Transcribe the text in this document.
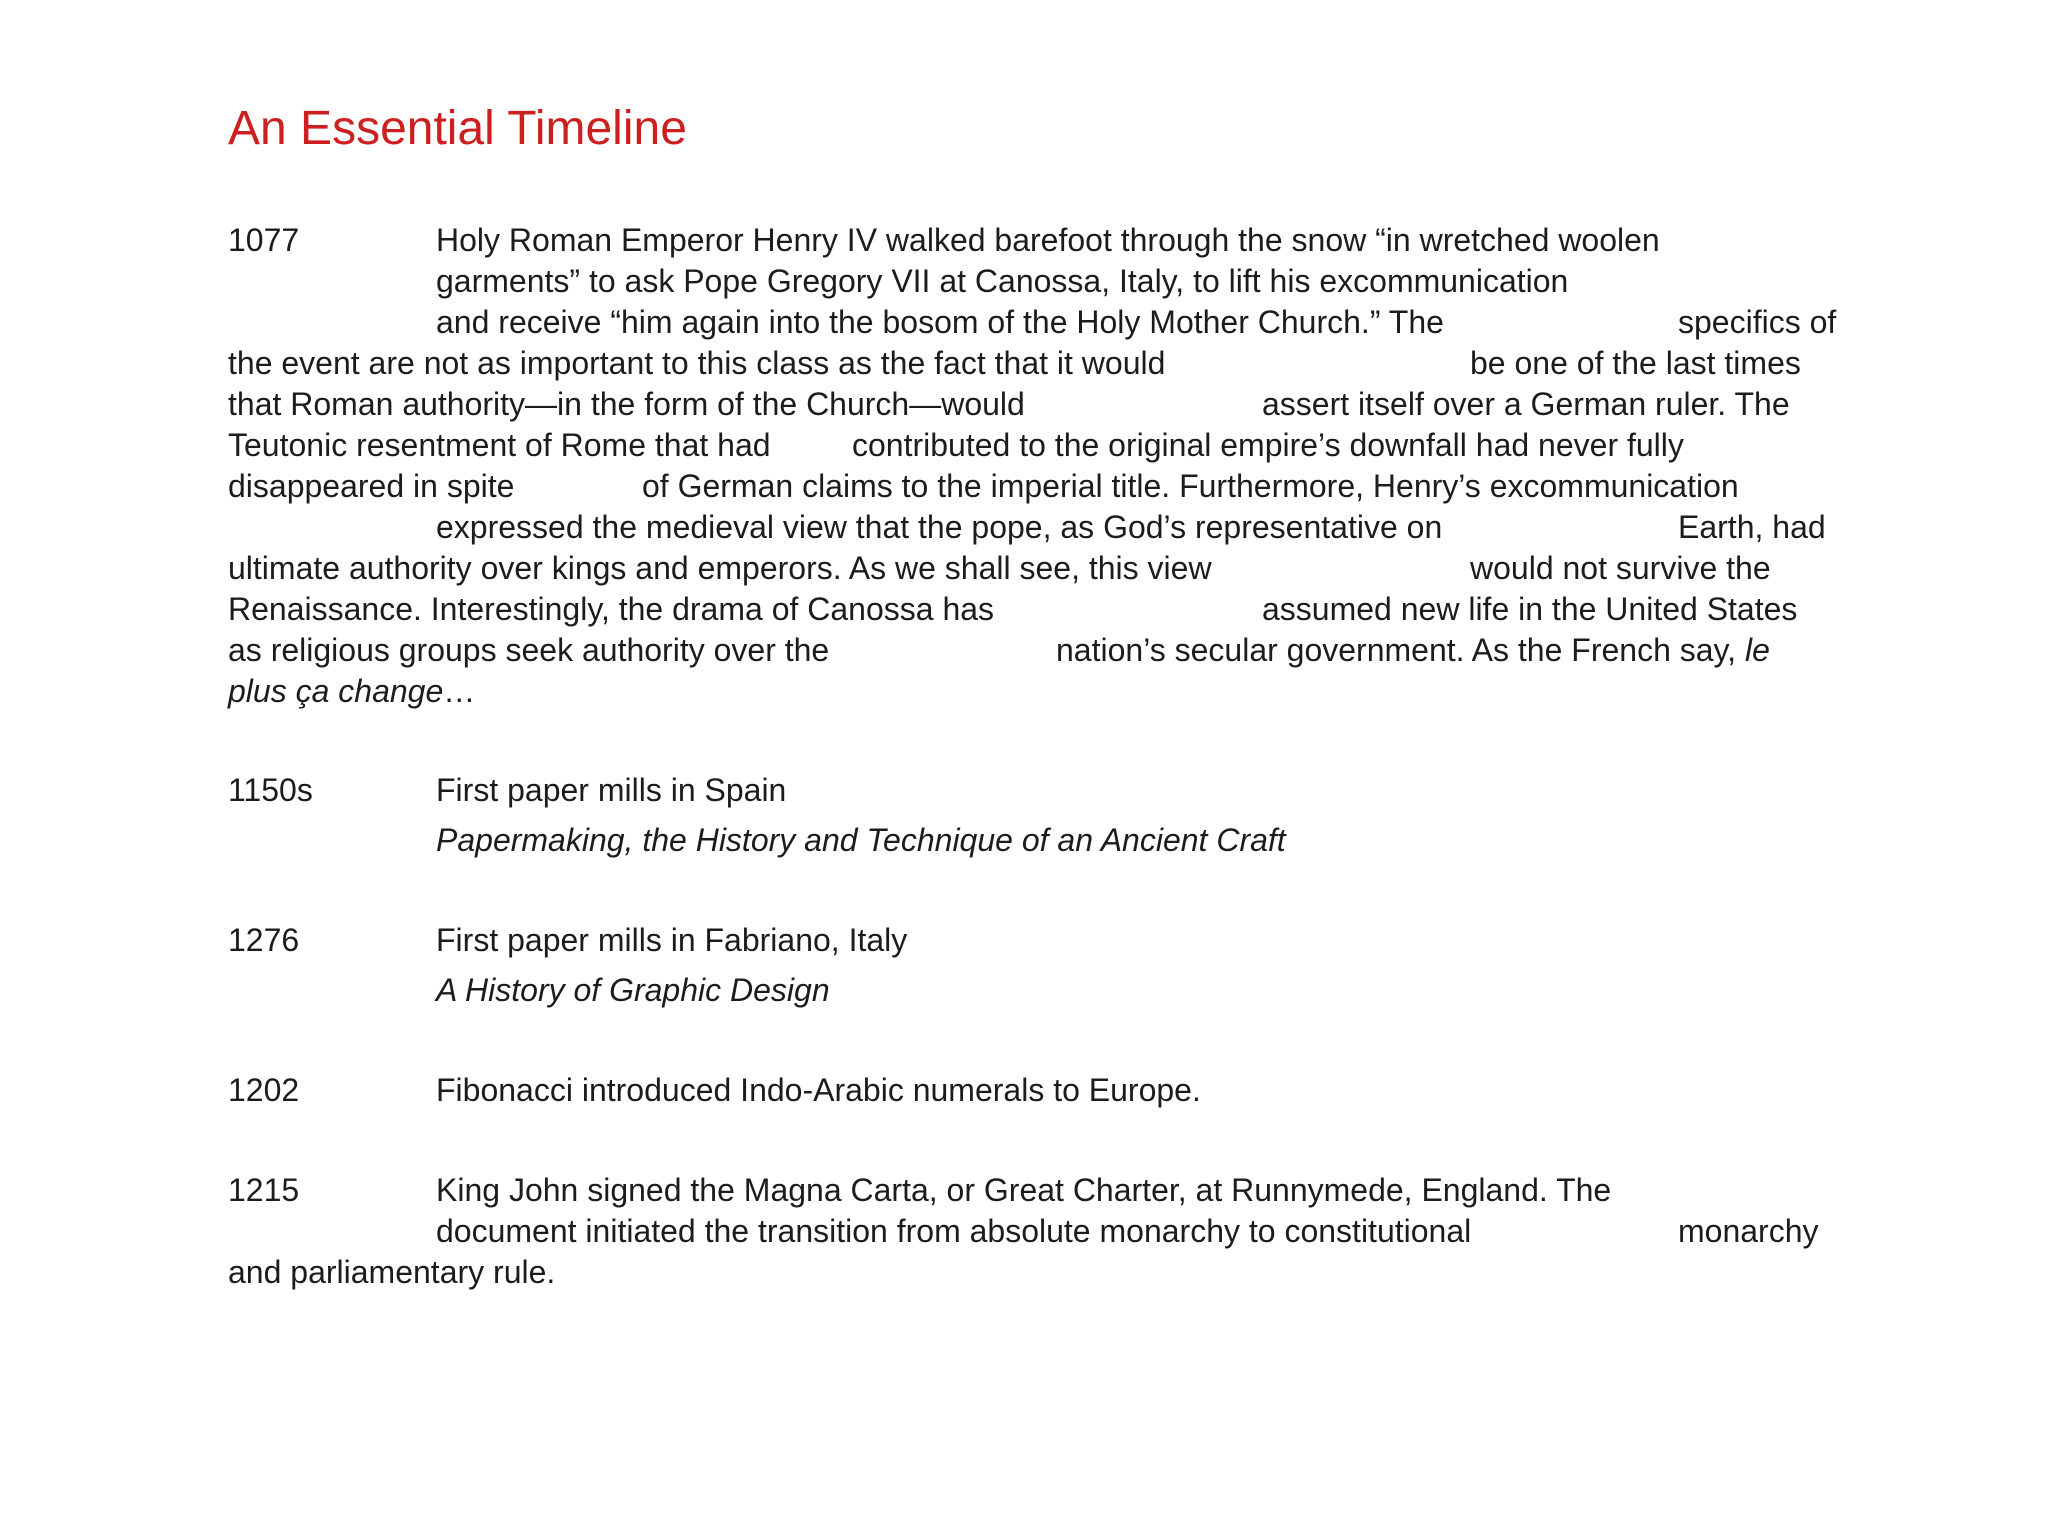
An Essential Timeline
1077	Holy Roman Emperor Henry IV walked barefoot through the snow “in wretched woolen
garments” to ask Pope Gregory VII at Canossa, Italy, to lift his excommunication
and receive “him again into the bosom of the Holy Mother Church.” The	specifics of
the event are not as important to this class as the fact that it would	be one of the last times
that Roman authority—in the form of the Church—would	assert itself over a German ruler. The
Teutonic resentment of Rome that had	contributed to the original empire’s downfall had never fully
disappeared in spite	of German claims to the imperial title. Furthermore, Henry’s excommunication
expressed the medieval view that the pope, as God’s representative on	Earth, had
ultimate authority over kings and emperors. As we shall see, this view	would not survive the
Renaissance. Interestingly, the drama of Canossa has	assumed new life in the United States
as religious groups seek authority over the	nation’s secular government. As the French say, le
plus ça change…
1150s	First paper mills in Spain
Papermaking, the History and Technique of an Ancient Craft
1276	First paper mills in Fabriano, Italy
A History of Graphic Design
1202	Fibonacci introduced Indo-Arabic numerals to Europe.
1215	King John signed the Magna Carta, or Great Charter, at Runnymede, England. The
document initiated the transition from absolute monarchy to constitutional	monarchy
and parliamentary rule.
